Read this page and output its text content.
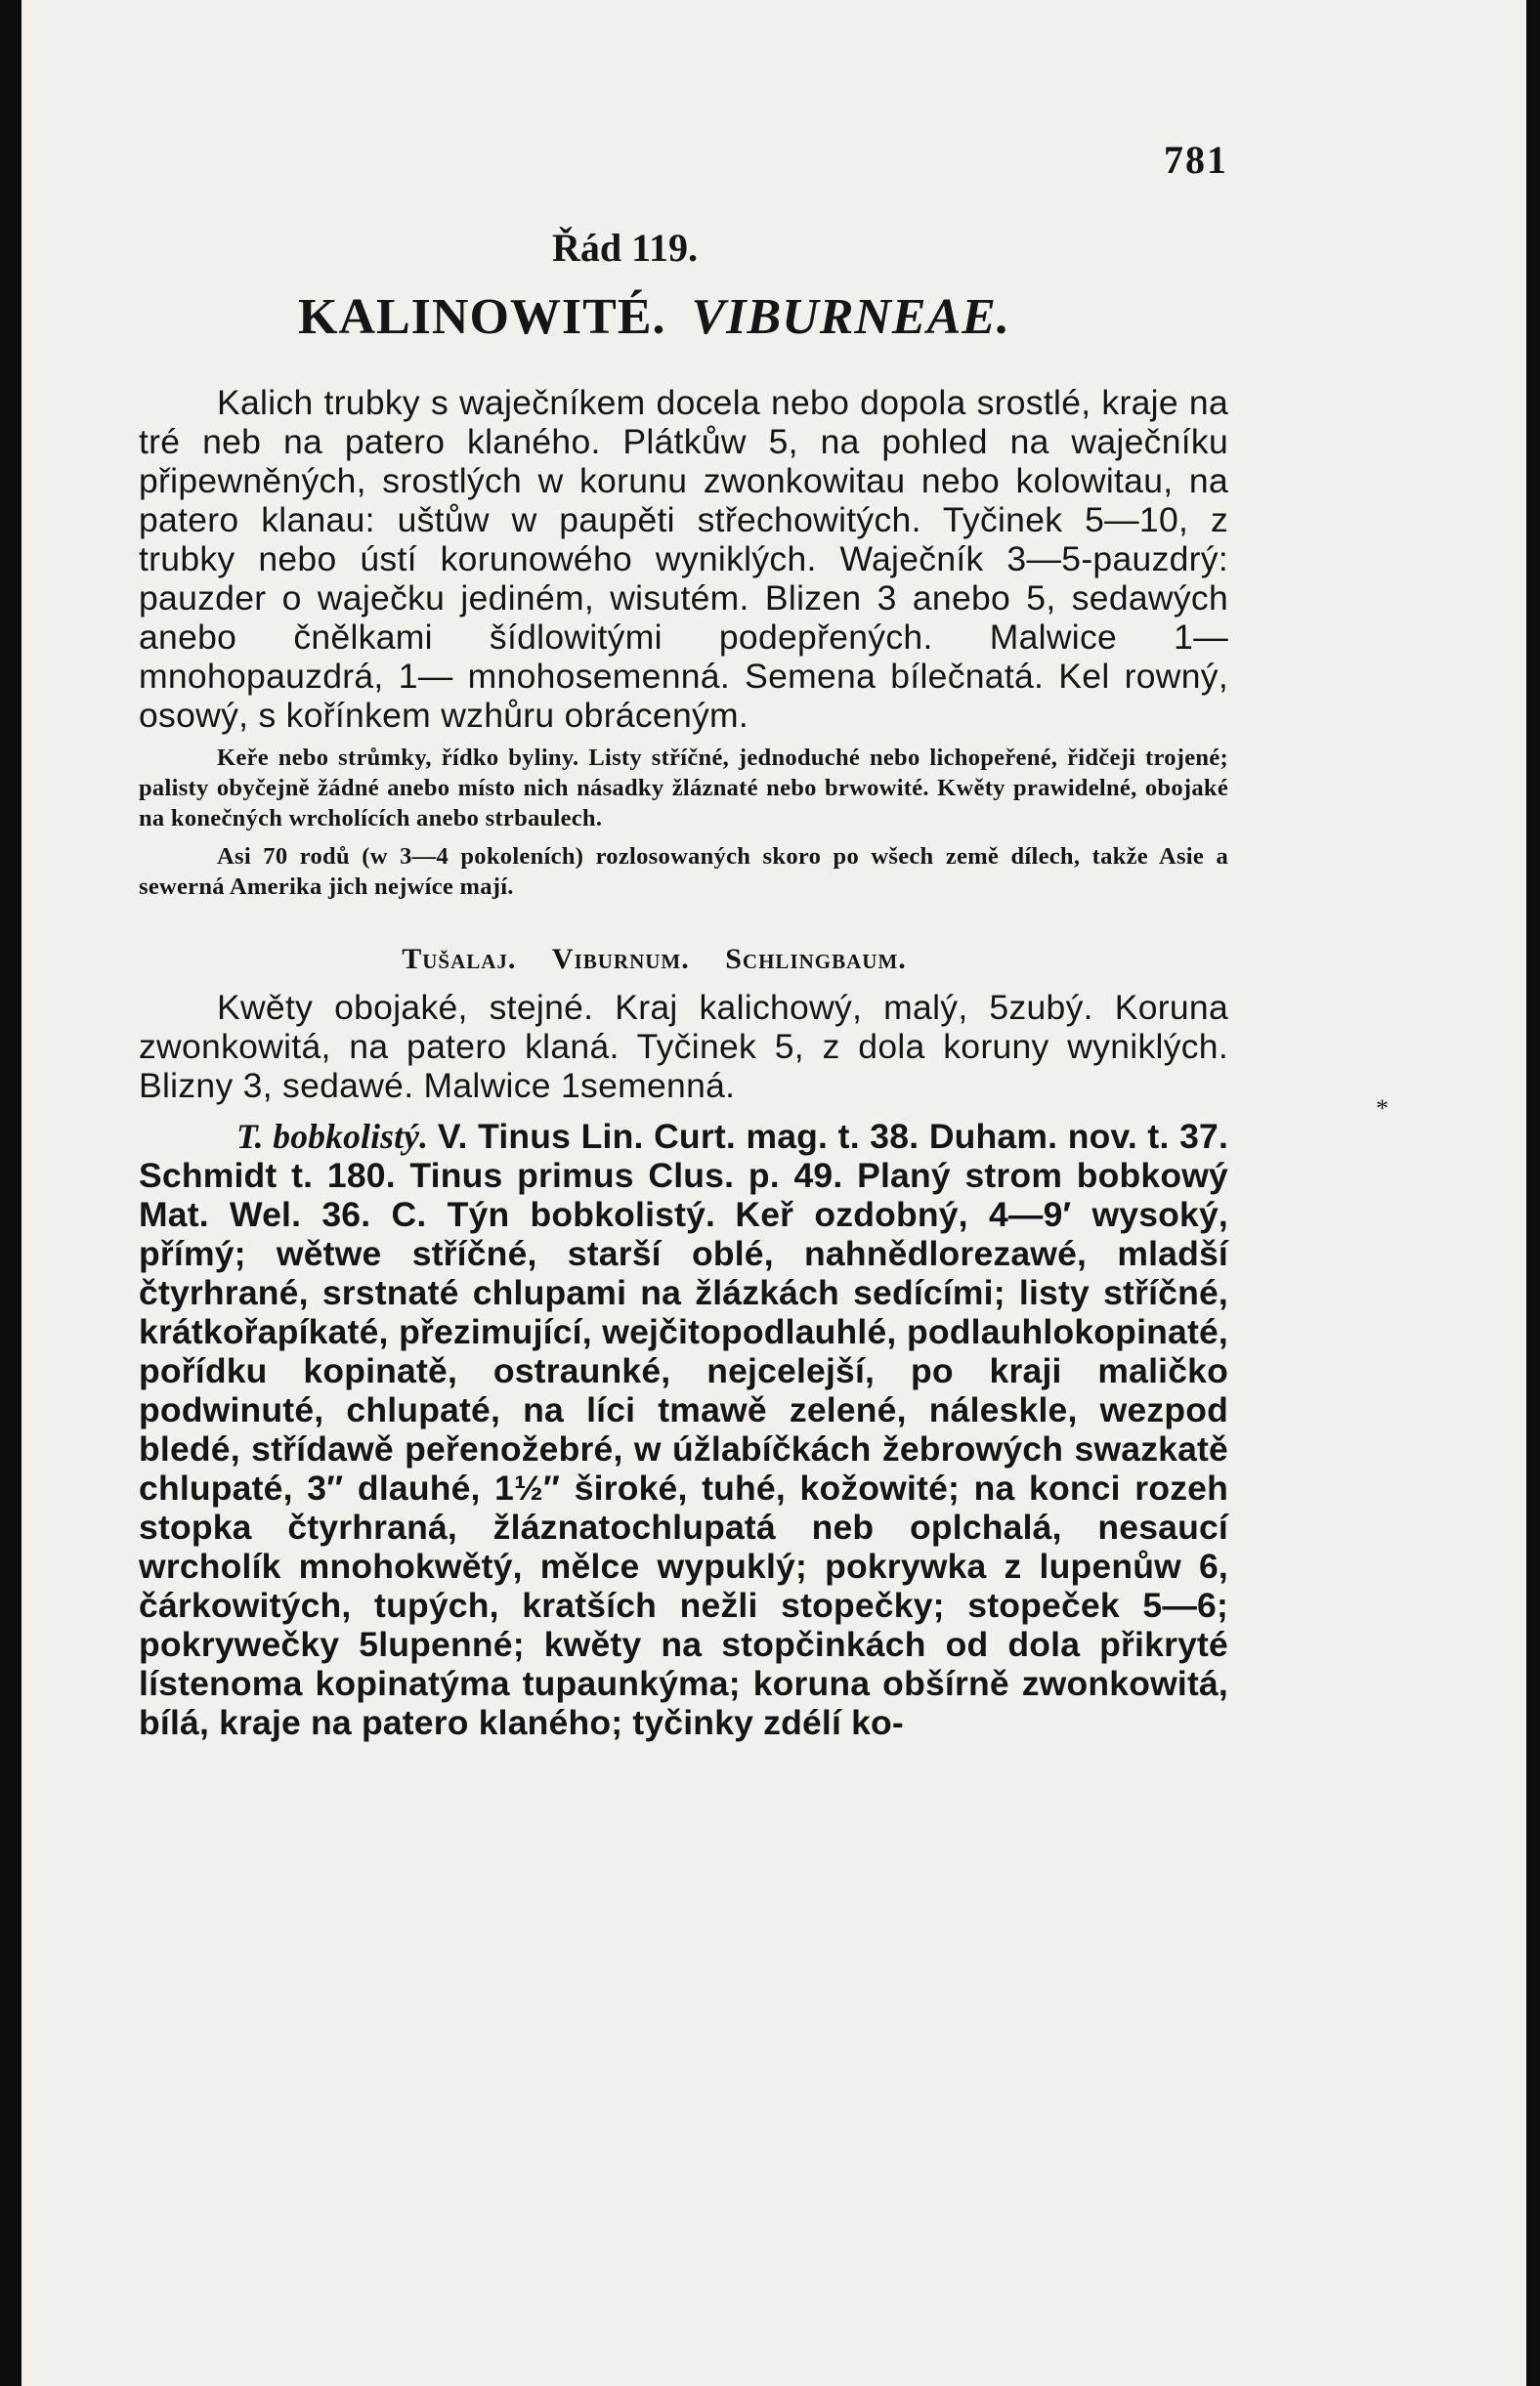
781
Řád 119.
KALINOWITÉ. VIBURNEAE.

Kalich trubky s waječníkem docela nebo dopola srostlé, kraje na tré neb na patero klaného. Plátkůw 5, na pohled na waječníku připewněných, srostlých w korunu zwonkowitau nebo kolowitau, na patero klanau: uštůw w paupěti střechowitých. Tyčinek 5—10, z trubky nebo ústí korunowého wyniklých. Waječník 3—5-pauzdrý: pauzder o waječku jediném, wisutém. Blizen 3 anebo 5, sedawých anebo čnělkami šídlowitými podepřených. Malwice 1— mnohopauzdrá, 1— mnohosemenná. Semena bílečnatá. Kel rowný, osowý, s kořínkem wzhůru obráceným.

Keře nebo strůmky, řídko byliny. Listy stříčné, jednoduché nebo lichopeřené, řidčeji trojené; palisty obyčejně žádné anebo místo nich násadky žláznaté nebo brwowité. Kwěty prawidelné, obojaké na konečných wrcholících anebo strbaulech.

Asi 70 rodů (w 3—4 pokoleních) rozlosowaných skoro po wšech země dílech, takže Asie a sewerná Amerika jich nejwíce mají.

Tušalaj. Viburnum. Schlingbaum.

Kwěty obojaké, stejné. Kraj kalichowý, malý, 5zubý. Koruna zwonkowitá, na patero klaná. Tyčinek 5, z dola koruny wyniklých. Blizny 3, sedawé. Malwice 1semenná.

T. bobkolistý. V. Tinus Lin. Curt. mag. t. 38. Duham. nov. t. 37. Schmidt t. 180. Tinus primus Clus. p. 49. Planý strom bobkowý Mat. Wel. 36. C. Týn bobkolistý. Keř ozdobný, 4—9′ wysoký, přímý; wětwe stříčné, starší oblé, nahnědlorezawé, mladší čtyrhrané, srstnaté chlupami na žlázkách sedícími; listy stříčné, krátkořapíkaté, přezimující, wejčitopodlauhlé, podlauhlokopinaté, pořídku kopinatě, ostraunké, nejcelejší, po kraji maličko podwinuté, chlupaté, na líci tmawě zelené, náleskle, wezpod bledé, střídawě peřenožebré, w úžlabíčkách žebrowých swazkatě chlupaté, 3″ dlauhé, 1½″ široké, tuhé, kožowité; na konci rozeh stopka čtyrhraná, žláznatochlupatá neb oplchalá, nesaucí wrcholík mnohokwětý, mělce wypuklý; pokrywka z lupenůw 6, čárkowitých, tupých, kratších nežli stopečky; stopeček 5—6; pokrywečky 5lupenné; kwěty na stopčinkách od dola přikryté lístenoma kopinatýma tupaunkýma; koruna obšírně zwonkowitá, bílá, kraje na patero klaného; tyčinky zdélí ko-

*
